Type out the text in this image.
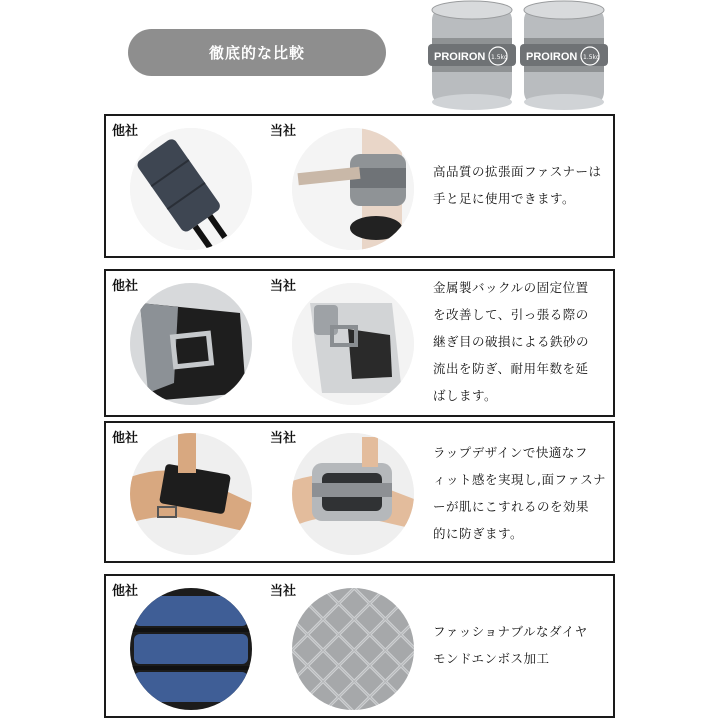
徹底的な比較	PROIRON 1.5kg PROIRON 1.5kg
他社	当社
高品質の拡張面ファスナーは
手と足に使用できます。
他社	当社	金属製バックルの固定位置
を改善して、引っ張る際の
継ぎ目の破損による鉄砂の
流出を防ぎ、耐用年数を延
ばします。
他社	当社
ラップデザインで快適なフ
ィット感を実現し,面ファスナ
ーが肌にこすれるのを効果
的に防ぎます。
他社	当社
ファッショナブルなダイヤ
モンドエンボス加工
